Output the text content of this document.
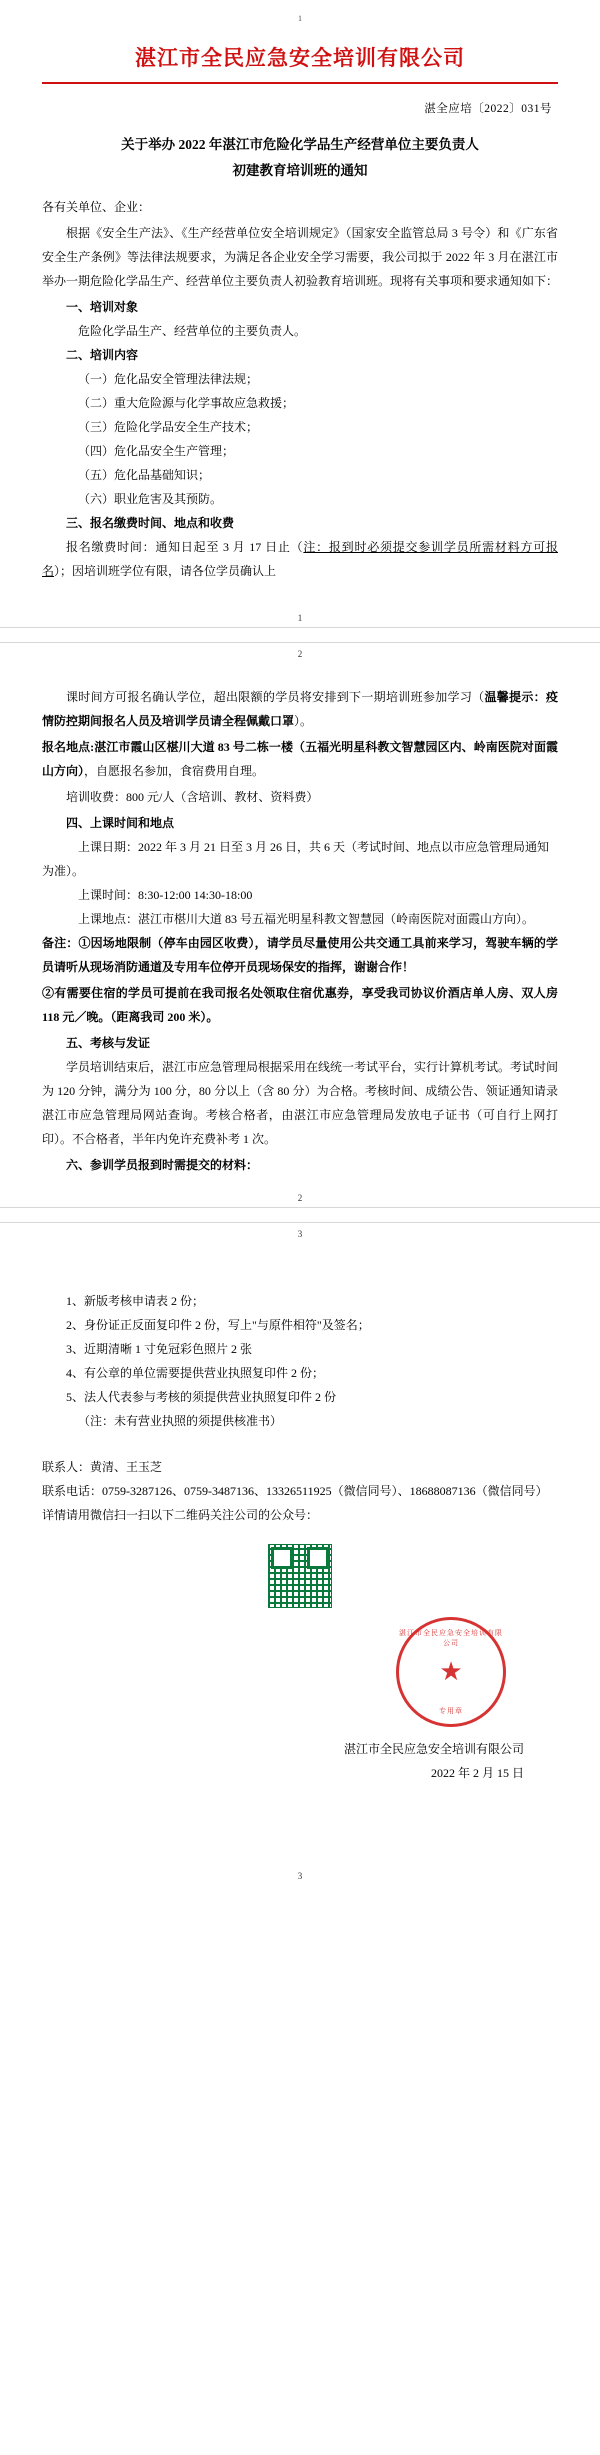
1
湛江市全民应急安全培训有限公司
湛全应培〔2022〕031号
关于举办 2022 年湛江市危险化学品生产经营单位主要负责人
初建教育培训班的通知
各有关单位、企业：
根据《安全生产法》、《生产经营单位安全培训规定》（国家安全监管总局 3 号令）和《广东省安全生产条例》等法律法规要求，为满足各企业安全学习需要，我公司拟于 2022 年 3 月在湛江市举办一期危险化学品生产、经营单位主要负责人初验教育培训班。现将有关事项和要求通知如下：
一、培训对象
危险化学品生产、经营单位的主要负责人。
二、培训内容
（一）危化品安全管理法律法规；
（二）重大危险源与化学事故应急救援；
（三）危险化学品安全生产技术；
（四）危化品安全生产管理；
（五）危化品基础知识；
（六）职业危害及其预防。
三、报名缴费时间、地点和收费
报名缴费时间：通知日起至 3 月 17 日止（注：报到时必须提交参训学员所需材料方可报名）；因培训班学位有限，请各位学员确认上
1
2
课时间方可报名确认学位，超出限额的学员将安排到下一期培训班参加学习（温馨提示：疫情防控期间报名人员及培训学员请全程佩戴口罩）。
报名地点:湛江市霞山区椹川大道 83 号二栋一楼（五福光明星科教文智慧园区内、岭南医院对面霞山方向），自愿报名参加，食宿费用自理。
培训收费：800 元/人（含培训、教材、资料费）
四、上课时间和地点
上课日期：2022 年 3 月 21 日至 3 月 26 日，共 6 天（考试时间、地点以市应急管理局通知为准）。
上课时间：8:30-12:00 14:30-18:00
上课地点：湛江市椹川大道 83 号五福光明星科教文智慧园（岭南医院对面霞山方向）。
备注：①因场地限制（停车由园区收费），请学员尽量使用公共交通工具前来学习，驾驶车辆的学员请听从现场消防通道及专用车位停开员现场保安的指挥，谢谢合作！
②有需要住宿的学员可提前在我司报名处领取住宿优惠券，享受我司协议价酒店单人房、双人房 118 元／晚。（距离我司 200 米）。
五、考核与发证
学员培训结束后，湛江市应急管理局根据采用在线统一考试平台，实行计算机考试。考试时间为 120 分钟，满分为 100 分，80 分以上（含 80 分）为合格。考核时间、成绩公告、领证通知请录湛江市应急管理局网站查询。考核合格者，由湛江市应急管理局发放电子证书（可自行上网打印）。不合格者，半年内免许充费补考 1 次。
六、参训学员报到时需提交的材料：
2
3
1、新版考核申请表 2 份；
2、身份证正反面复印件 2 份，写上"与原件相符"及签名；
3、近期清晰 1 寸免冠彩色照片 2 张
4、有公章的单位需要提供营业执照复印件 2 份；
5、法人代表参与考核的须提供营业执照复印件 2 份
（注：未有营业执照的须提供核准书）
联系人：黄清、王玉芝
联系电话：0759-3287126、0759-3487136、13326511925（微信同号）、18688087136（微信同号）
详情请用微信扫一扫以下二维码关注公司的公众号：
湛江市全民应急安全培训有限公司
★
专用章
湛江市全民应急安全培训有限公司
2022 年 2 月 15 日
3
